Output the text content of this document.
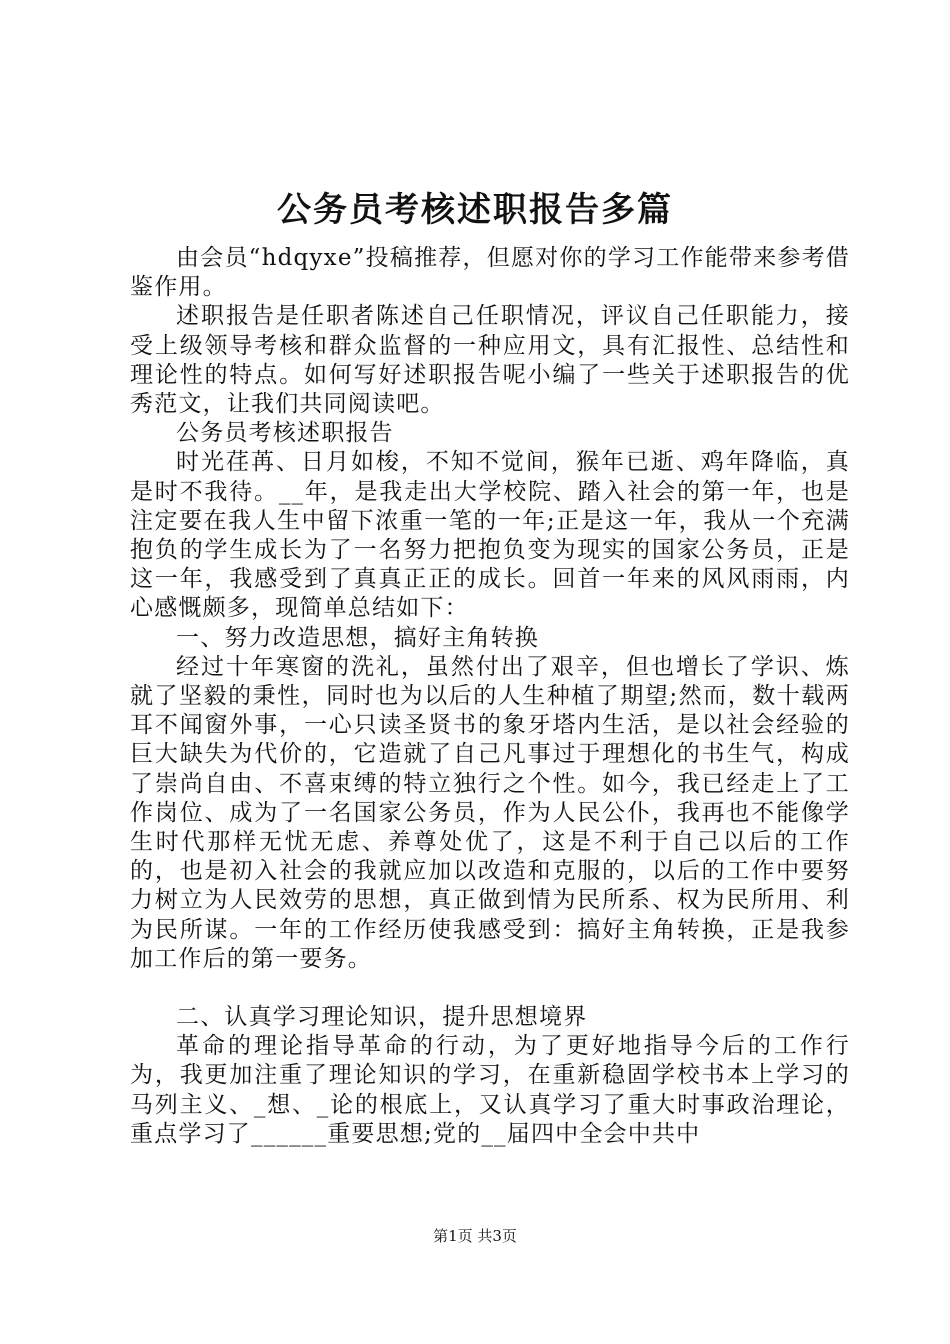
公务员考核述职报告多篇

由会员“hdqyxe”投稿推荐，但愿对你的学习工作能带来参考借鉴作用。

述职报告是任职者陈述自己任职情况，评议自己任职能力，接受上级领导考核和群众监督的一种应用文，具有汇报性、总结性和理论性的特点。如何写好述职报告呢小编了一些关于述职报告的优秀范文，让我们共同阅读吧。

公务员考核述职报告

时光荏苒、日月如梭，不知不觉间，猴年已逝、鸡年降临，真是时不我待。__年，是我走出大学校院、踏入社会的第一年，也是注定要在我人生中留下浓重一笔的一年;正是这一年，我从一个充满抱负的学生成长为了一名努力把抱负变为现实的国家公务员，正是这一年，我感受到了真真正正的成长。回首一年来的风风雨雨，内心感慨颇多，现简单总结如下：

一、努力改造思想，搞好主角转换

经过十年寒窗的洗礼，虽然付出了艰辛，但也增长了学识、炼就了坚毅的秉性，同时也为以后的人生种植了期望;然而，数十载两耳不闻窗外事，一心只读圣贤书的象牙塔内生活，是以社会经验的巨大缺失为代价的，它造就了自己凡事过于理想化的书生气，构成了崇尚自由、不喜束缚的特立独行之个性。如今，我已经走上了工作岗位、成为了一名国家公务员，作为人民公仆，我再也不能像学生时代那样无忧无虑、养尊处优了，这是不利于自己以后的工作的，也是初入社会的我就应加以改造和克服的，以后的工作中要努力树立为人民效劳的思想，真正做到情为民所系、权为民所用、利为民所谋。一年的工作经历使我感受到：搞好主角转换，正是我参加工作后的第一要务。

二、认真学习理论知识，提升思想境界

革命的理论指导革命的行动，为了更好地指导今后的工作行为，我更加注重了理论知识的学习，在重新稳固学校书本上学习的马列主义、_想、_论的根底上，又认真学习了重大时事政治理论，重点学习了______重要思想;党的__届四中全会中共中

第1页 共3页
